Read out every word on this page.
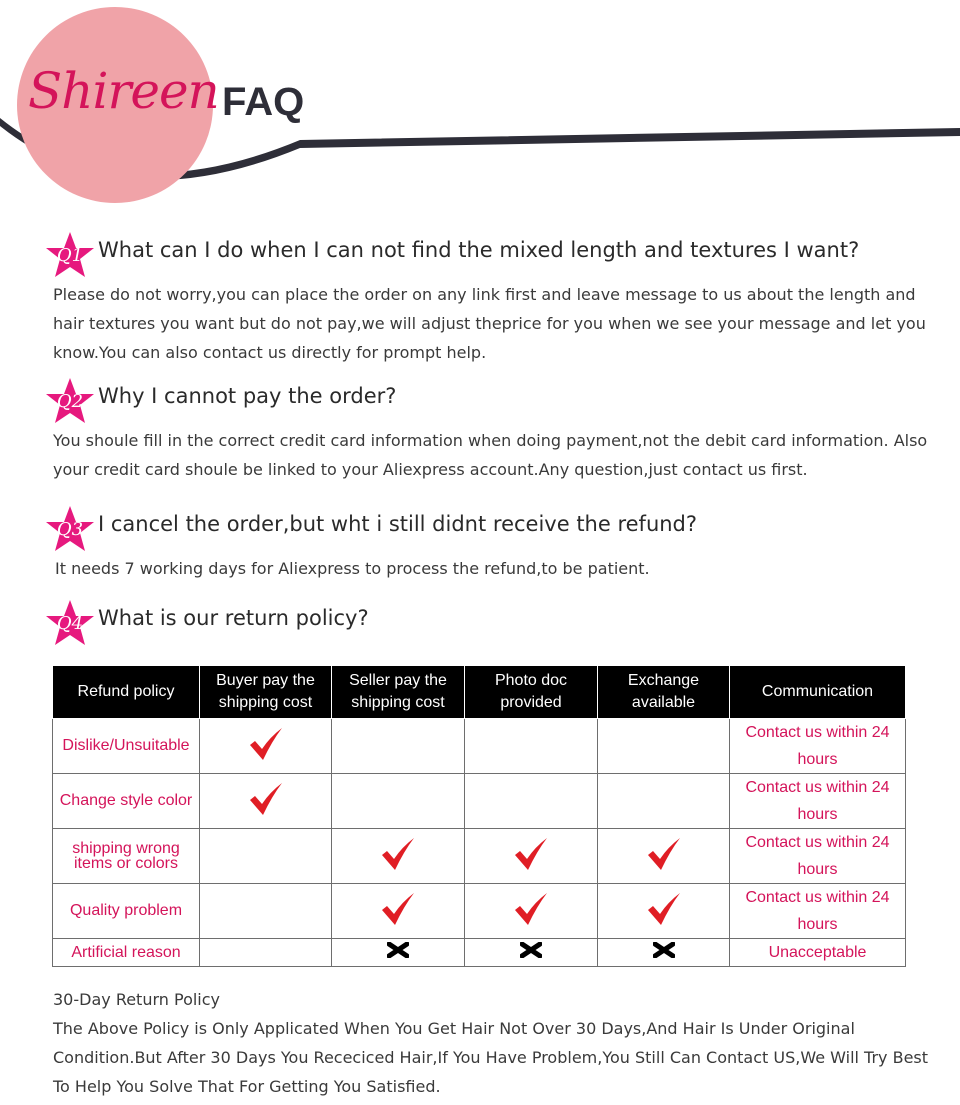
Shireen FAQ
Q1 What can I do when I can not find the mixed length and textures I want?
Please do not worry,you can place the order on any link first and leave message to us about the length and hair textures you want but do not pay,we will adjust theprice for you when we see your message and let you know.You can also contact us directly for prompt help.
Q2 Why I cannot pay the order?
You shoule fill in the correct credit card information when doing payment,not the debit card information. Also your credit card shoule be linked to your Aliexpress account.Any question,just contact us first.
Q3 I cancel the order,but wht i still didnt receive the refund?
It needs 7 working days for Aliexpress to process the refund,to be patient.
Q4 What is our return policy?
Refund policy	Buyer pay the shipping cost	Seller pay the shipping cost	Photo doc provided	Exchange available	Communication
Dislike/Unsuitable					Contact us within 24 hours
Change style color					Contact us within 24 hours
shipping wrong items or colors					Contact us within 24 hours
Quality problem					Contact us within 24 hours
Artificial reason					Unacceptable
30-Day Return Policy
The Above Policy is Only Applicated When You Get Hair Not Over 30 Days,And Hair Is Under Original Condition.But After 30 Days You Receciced Hair,If You Have Problem,You Still Can Contact US,We Will Try Best To Help You Solve That For Getting You Satisfied.
